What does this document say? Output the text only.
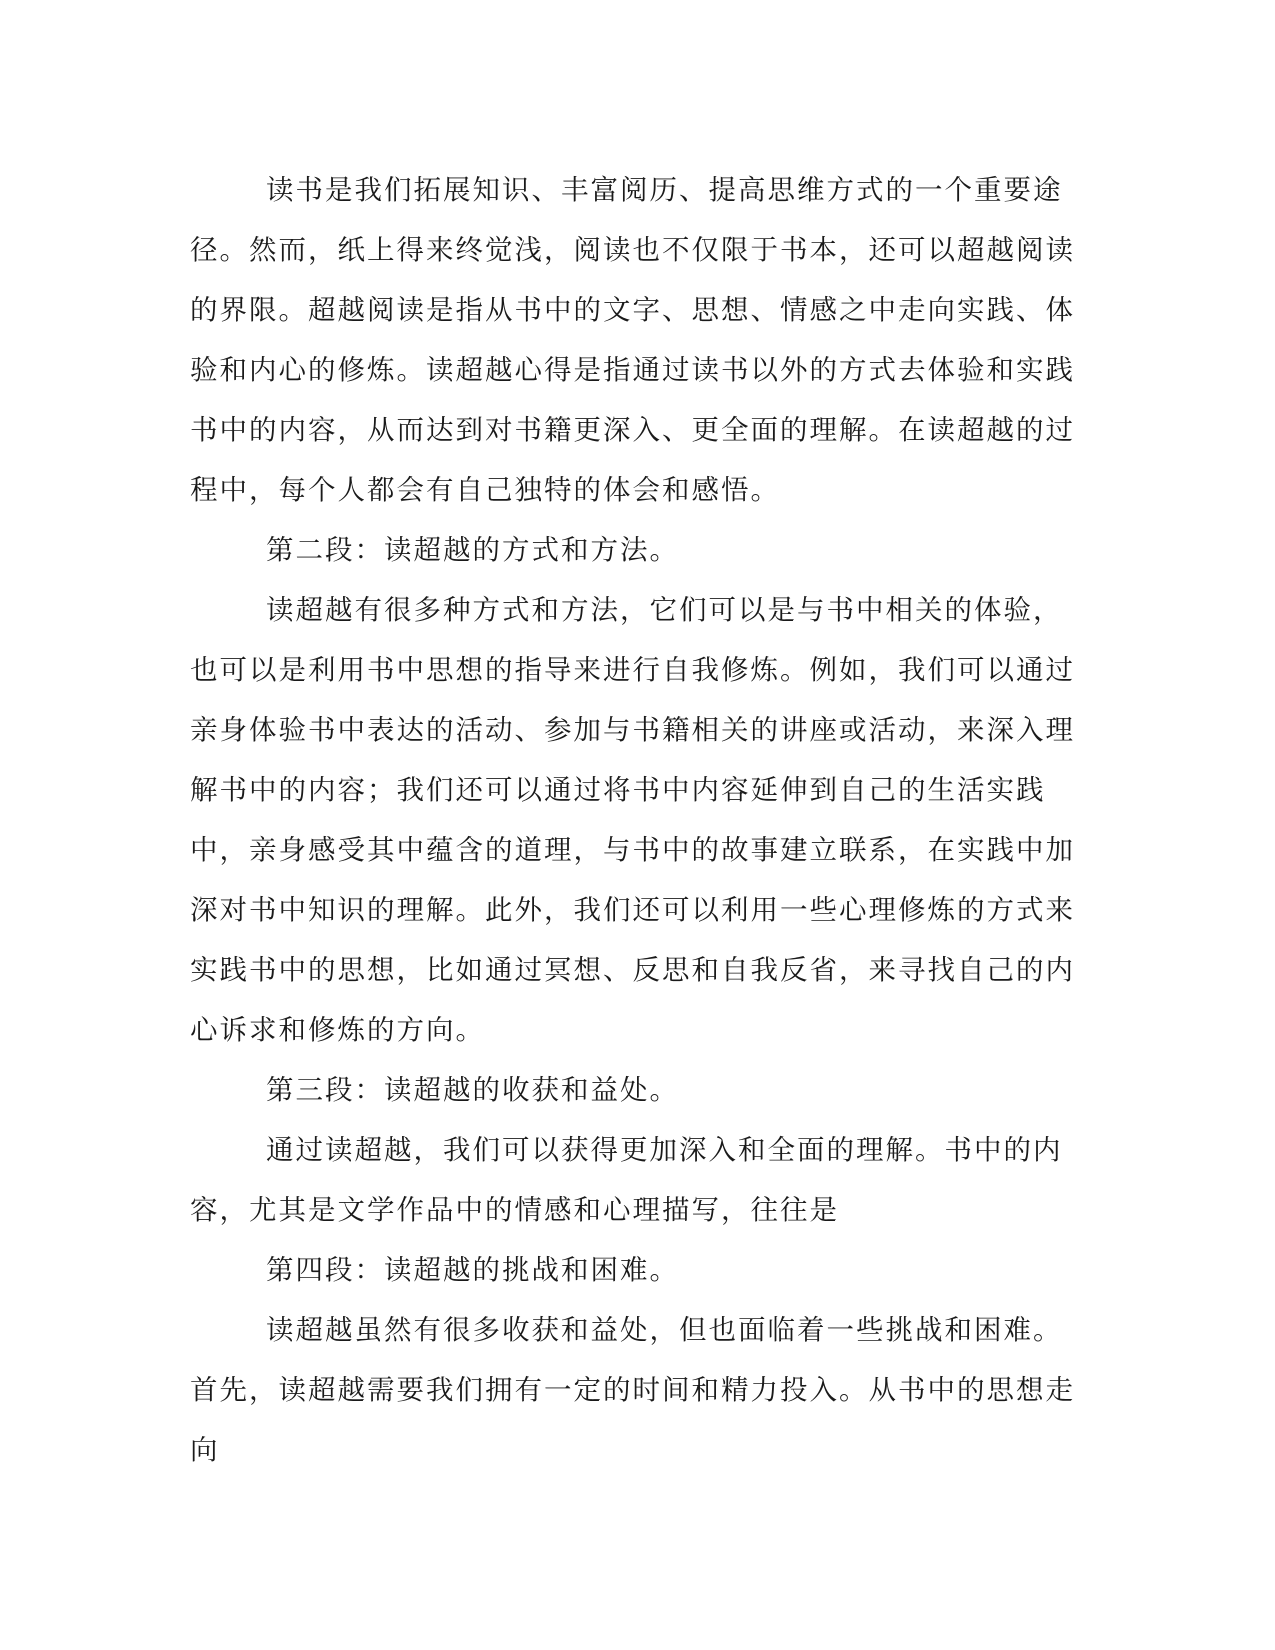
读书是我们拓展知识、丰富阅历、提高思维方式的一个重要途径。然而，纸上得来终觉浅，阅读也不仅限于书本，还可以超越阅读的界限。超越阅读是指从书中的文字、思想、情感之中走向实践、体验和内心的修炼。读超越心得是指通过读书以外的方式去体验和实践书中的内容，从而达到对书籍更深入、更全面的理解。在读超越的过程中，每个人都会有自己独特的体会和感悟。

第二段：读超越的方式和方法。

读超越有很多种方式和方法，它们可以是与书中相关的体验，也可以是利用书中思想的指导来进行自我修炼。例如，我们可以通过亲身体验书中表达的活动、参加与书籍相关的讲座或活动，来深入理解书中的内容；我们还可以通过将书中内容延伸到自己的生活实践中，亲身感受其中蕴含的道理，与书中的故事建立联系，在实践中加深对书中知识的理解。此外，我们还可以利用一些心理修炼的方式来实践书中的思想，比如通过冥想、反思和自我反省，来寻找自己的内心诉求和修炼的方向。

第三段：读超越的收获和益处。

通过读超越，我们可以获得更加深入和全面的理解。书中的内容，尤其是文学作品中的情感和心理描写，往往是

第四段：读超越的挑战和困难。

读超越虽然有很多收获和益处，但也面临着一些挑战和困难。首先，读超越需要我们拥有一定的时间和精力投入。从书中的思想走向
